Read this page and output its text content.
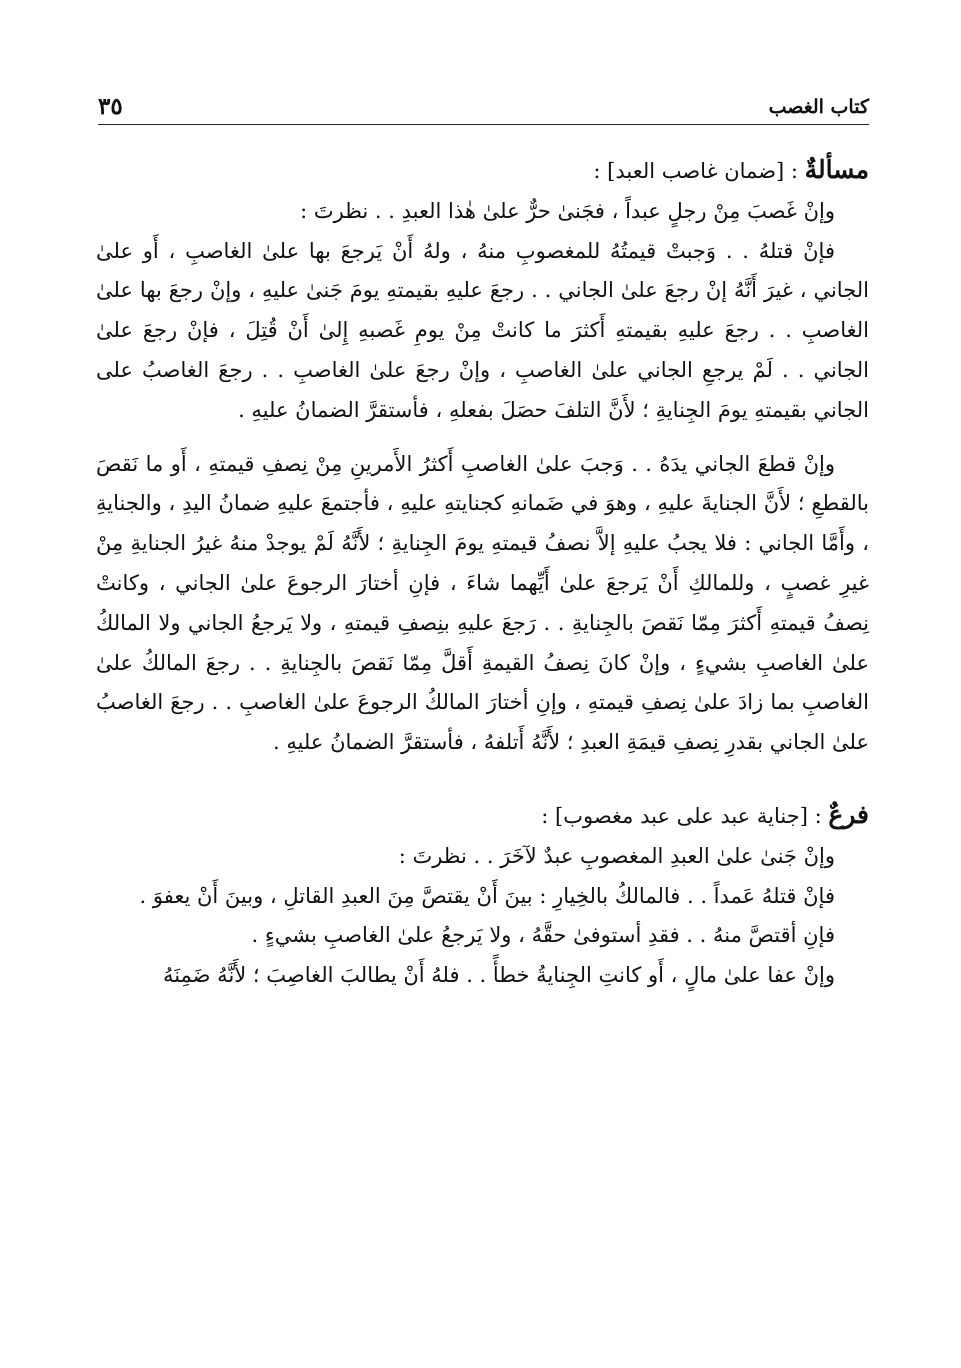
كتاب الغصب
٣٥

مسألةٌ : [ضمان غاصب العبد] :

وإنْ غَصبَ مِنْ رجلٍ عبداً ، فجَنىٰ حرٌّ علىٰ هٰذا العبدِ . . نظرتَ :

فإنْ قتلهُ . . وَجبتْ قيمتُهُ للمغصوبِ منهُ ، ولهُ أَنْ يَرجعَ بها علىٰ الغاصبِ ، أَو علىٰ الجاني ، غيرَ أَنَّهُ إنْ رجعَ علىٰ الجاني . . رجعَ عليهِ بقيمتهِ يومَ جَنىٰ عليهِ ، وإنْ رجعَ بها علىٰ الغاصبِ . . رجعَ عليهِ بقيمتهِ أَكثرَ ما كانتْ مِنْ يومِ غَصبهِ إِلىٰ أَنْ قُتِلَ ، فإنْ رجعَ علىٰ الجاني . . لَمْ يرجعِ الجاني علىٰ الغاصبِ ، وإنْ رجعَ علىٰ الغاصبِ . . رجعَ الغاصبُ على الجاني بقيمتهِ يومَ الجِنايةِ ؛ لأَنَّ التلفَ حصَلَ بفعلهِ ، فأستقرَّ الضمانُ عليهِ .

وإنْ قطعَ الجاني يدَهُ . . وَجبَ علىٰ الغاصبِ أَكثرُ الأَمرينِ مِنْ نِصفِ قيمتهِ ، أَو ما نَقصَ بالقطعِ ؛ لأَنَّ الجنايةَ عليهِ ، وهوَ في ضَمانهِ كجنايتهِ عليهِ ، فأجتمعَ عليهِ ضمانُ اليدِ ، والجنايةِ ، وأَمَّا الجاني : فلا يجبُ عليهِ إلاَّ نصفُ قيمتهِ يومَ الجِنايةِ ؛ لأَنَّهُ لَمْ يوجدْ منهُ غيرُ الجنايةِ مِنْ غيرِ غصبٍ ، وللمالكِ أَنْ يَرجعَ علىٰ أَيِّهما شاءَ ، فإنِ أختارَ الرجوعَ علىٰ الجاني ، وكانتْ نِصفُ قيمتهِ أَكثرَ مِمّا نَقصَ بالجِنايةِ . . رَجعَ عليهِ بنِصفِ قيمتهِ ، ولا يَرجعُ الجاني ولا المالكُ علىٰ الغاصبِ بشيءٍ ، وإنْ كانَ نِصفُ القيمةِ أَقلَّ مِمّا نَقصَ بالجِنايةِ . . رجعَ المالكُ علىٰ الغاصبِ بما زادَ علىٰ نِصفِ قيمتهِ ، وإنِ أختارَ المالكُ الرجوعَ علىٰ الغاصبِ . . رجعَ الغاصبُ علىٰ الجاني بقدرِ نِصفِ قيمَةِ العبدِ ؛ لأَنَّهُ أَتلفهُ ، فأستقرَّ الضمانُ عليهِ .

فرعٌ : [جناية عبد على عبد مغصوب] :

وإنْ جَنىٰ علىٰ العبدِ المغصوبِ عبدٌ لآخَرَ . . نظرتَ :

فإنْ قتلهُ عَمداً . . فالمالكُ بالخِيارِ : بينَ أَنْ يقتصَّ مِنَ العبدِ القاتلِ ، وبينَ أَنْ يعفوَ .

فإنِ أقتصَّ منهُ . . فقدِ أستوفىٰ حقَّهُ ، ولا يَرجعُ علىٰ الغاصبِ بشيءٍ .

وإنْ عفا علىٰ مالٍ ، أَو كانتِ الجِنايةُ خطأً . . فلهُ أَنْ يطالبَ الغاصِبَ ؛ لأَنَّهُ ضَمِنَهُ
